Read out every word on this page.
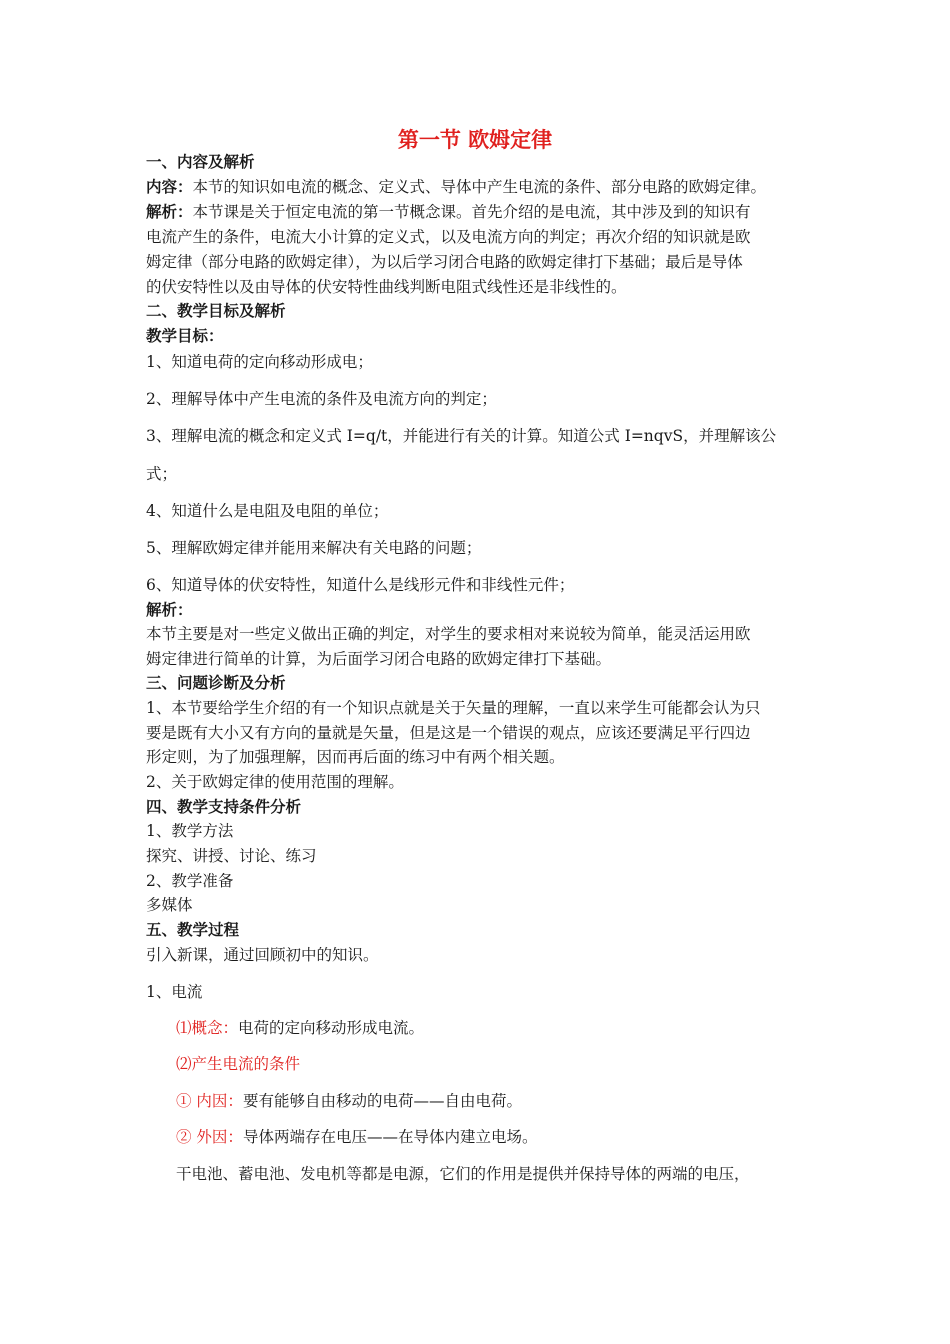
第一节 欧姆定律
一、内容及解析
内容：本节的知识如电流的概念、定义式、导体中产生电流的条件、部分电路的欧姆定律。
解析：本节课是关于恒定电流的第一节概念课。首先介绍的是电流，其中涉及到的知识有
电流产生的条件，电流大小计算的定义式，以及电流方向的判定；再次介绍的知识就是欧
姆定律（部分电路的欧姆定律），为以后学习闭合电路的欧姆定律打下基础；最后是导体
的伏安特性以及由导体的伏安特性曲线判断电阻式线性还是非线性的。
二、教学目标及解析
教学目标：
1、知道电荷的定向移动形成电；
2、理解导体中产生电流的条件及电流方向的判定；
3、理解电流的概念和定义式 I=q/t，并能进行有关的计算。知道公式 I=nqvS，并理解该公
式；
4、知道什么是电阻及电阻的单位；
5、理解欧姆定律并能用来解决有关电路的问题；
6、知道导体的伏安特性，知道什么是线形元件和非线性元件；
解析：
本节主要是对一些定义做出正确的判定，对学生的要求相对来说较为简单，能灵活运用欧
姆定律进行简单的计算，为后面学习闭合电路的欧姆定律打下基础。
三、问题诊断及分析
1、本节要给学生介绍的有一个知识点就是关于矢量的理解，一直以来学生可能都会认为只
要是既有大小又有方向的量就是矢量，但是这是一个错误的观点，应该还要满足平行四边
形定则，为了加强理解，因而再后面的练习中有两个相关题。
2、关于欧姆定律的使用范围的理解。
四、教学支持条件分析
1、教学方法
探究、讲授、讨论、练习
2、教学准备
多媒体
五、教学过程
引入新课，通过回顾初中的知识。
1、电流
⑴概念：电荷的定向移动形成电流。
⑵产生电流的条件
① 内因：要有能够自由移动的电荷——自由电荷。
② 外因：导体两端存在电压——在导体内建立电场。
干电池、蓄电池、发电机等都是电源，它们的作用是提供并保持导体的两端的电压，
